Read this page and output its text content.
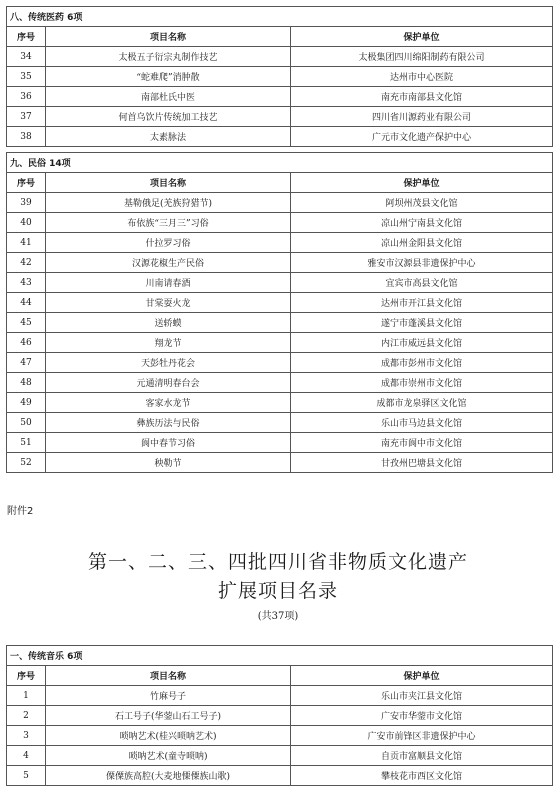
八、传统医药 6项		
序号	项目名称	保护单位
34	太极五子衍宗丸制作技艺	太极集团四川绵阳制药有限公司
35	“蛇难爬”消肿散	达州市中心医院
36	南部杜氏中医	南充市南部县文化馆
37	何首乌饮片传统加工技艺	四川省川源药业有限公司
38	太素脉法	广元市文化遗产保护中心
九、民俗 14项		
序号	项目名称	保护单位
39	基勒俄足(羌族狩猎节)	阿坝州茂县文化馆
40	布依族“三月三”习俗	凉山州宁南县文化馆
41	什拉罗习俗	凉山州金阳县文化馆
42	汉源花椒生产民俗	雅安市汉源县非遗保护中心
43	川南请春酒	宜宾市高县文化馆
44	甘棠耍火龙	达州市开江县文化馆
45	送轿蟆	遂宁市蓬溪县文化馆
46	翔龙节	内江市威远县文化馆
47	天彭牡丹花会	成都市彭州市文化馆
48	元通清明春台会	成都市崇州市文化馆
49	客家水龙节	成都市龙泉驿区文化馆
50	彝族历法与民俗	乐山市马边县文化馆
51	阆中春节习俗	南充市阆中市文化馆
52	秧勒节	甘孜州巴塘县文化馆
附件2
第一、二、三、四批四川省非物质文化遗产
扩展项目名录
(共37项)
一、传统音乐 6项		
序号	项目名称	保护单位
1	竹麻号子	乐山市夹江县文化馆
2	石工号子(华蓥山石工号子)	广安市华蓥市文化馆
3	唢呐艺术(桂兴唢呐艺术)	广安市前锋区非遗保护中心
4	唢呐艺术(童寺唢呐)	自贡市富顺县文化馆
5	傈僳族高腔(大麦地傈僳族山歌)	攀枝花市西区文化馆
